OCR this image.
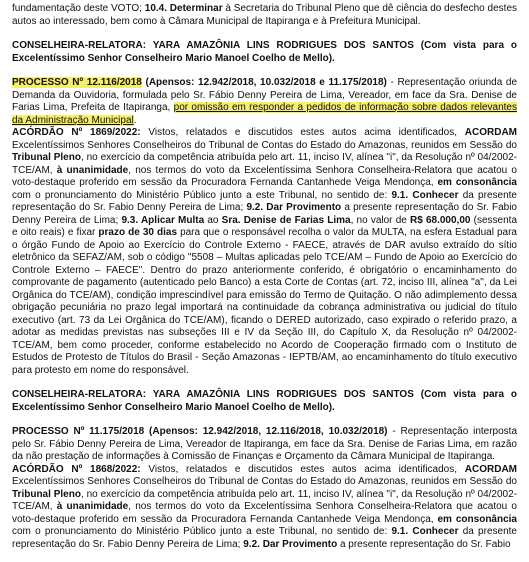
fundamentação deste VOTO; 10.4. Determinar à Secretaria do Tribunal Pleno que dê ciência do desfecho destes autos ao interessado, bem como à Câmara Municipal de Itapiranga e à Prefeitura Municipal.

CONSELHEIRA-RELATORA: YARA AMAZÔNIA LINS RODRIGUES DOS SANTOS (Com vista para o Excelentíssimo Senhor Conselheiro Mario Manoel Coelho de Mello).

PROCESSO Nº 12.116/2018 (Apensos: 12.942/2018, 10.032/2018 e 11.175/2018) - Representação oriunda de Demanda da Ouvidoria, formulada pelo Sr. Fábio Denny Pereira de Lima, Vereador, em face da Sra. Denise de Farias Lima, Prefeita de Itapiranga, por omissão em responder a pedidos de informação sobre dados relevantes da Administração Municipal.

ACÓRDÃO Nº 1869/2022: Vistos, relatados e discutidos estes autos acima identificados, ACORDAM Excelentíssimos Senhores Conselheiros do Tribunal de Contas do Estado do Amazonas, reunidos em Sessão do Tribunal Pleno, no exercício da competência atribuída pelo art. 11, inciso IV, alínea "i", da Resolução nº 04/2002-TCE/AM, à unanimidade, nos termos do voto da Excelentíssima Senhora Conselheira-Relatora que acatou o voto-destaque proferido em sessão da Procuradora Fernanda Cantanhede Veiga Mendonça, em consonância com o pronunciamento do Ministério Público junto a este Tribunal, no sentido de: 9.1. Conhecer da presente representação do Sr. Fabio Denny Pereira de Lima; 9.2. Dar Provimento a presente representação do Sr. Fabio Denny Pereira de Lima; 9.3. Aplicar Multa ao Sra. Denise de Farias Lima, no valor de R$ 68.000,00 (sessenta e oito reais) e fixar prazo de 30 dias para que o responsável recolha o valor da MULTA, na esfera Estadual para o órgão Fundo de Apoio ao Exercício do Controle Externo - FAECE, através de DAR avulso extraído do sítio eletrônico da SEFAZ/AM, sob o código "5508 – Multas aplicadas pelo TCE/AM – Fundo de Apoio ao Exercício do Controle Externo – FAECE". Dentro do prazo anteriormente conferido, é obrigatório o encaminhamento do comprovante de pagamento (autenticado pelo Banco) a esta Corte de Contas (art. 72, inciso III, alínea "a", da Lei Orgânica do TCE/AM), condição imprescindível para emissão do Termo de Quitação. O não adimplemento dessa obrigação pecuniária no prazo legal importará na continuidade da cobrança administrativa ou judicial do título executivo (art. 73 da Lei Orgânica do TCE/AM), ficando o DERED autorizado, caso expirado o referido prazo, a adotar as medidas previstas nas subseções III e IV da Seção III, do Capítulo X, da Resolução nº 04/2002-TCE/AM, bem como proceder, conforme estabelecido no Acordo de Cooperação firmado com o Instituto de Estudos de Protesto de Títulos do Brasil - Seção Amazonas - IEPTB/AM, ao encaminhamento do título executivo para protesto em nome do responsável.

CONSELHEIRA-RELATORA: YARA AMAZÔNIA LINS RODRIGUES DOS SANTOS (Com vista para o Excelentíssimo Senhor Conselheiro Mario Manoel Coelho de Mello).

PROCESSO Nº 11.175/2018 (Apensos: 12.942/2018, 12.116/2018, 10.032/2018) - Representação interposta pelo Sr. Fábio Denny Pereira de Lima, Vereador de Itapiranga, em face da Sra. Denise de Farias Lima, em razão da não prestação de informações à Comissão de Finanças e Orçamento da Câmara Municipal de Itapiranga.

ACÓRDÃO Nº 1868/2022: Vistos, relatados e discutidos estes autos acima identificados, ACORDAM Excelentíssimos Senhores Conselheiros do Tribunal de Contas do Estado do Amazonas, reunidos em Sessão do Tribunal Pleno, no exercício da competência atribuída pelo art. 11, inciso IV, alínea "i", da Resolução nº 04/2002-TCE/AM, à unanimidade, nos termos do voto da Excelentíssima Senhora Conselheira-Relatora que acatou o voto-destaque proferido em sessão da Procuradora Fernanda Cantanhede Veiga Mendonça, em consonância com o pronunciamento do Ministério Público junto a este Tribunal, no sentido de: 9.1. Conhecer da presente representação do Sr. Fabio Denny Pereira de Lima; 9.2. Dar Provimento a presente representação do Sr. Fabio
